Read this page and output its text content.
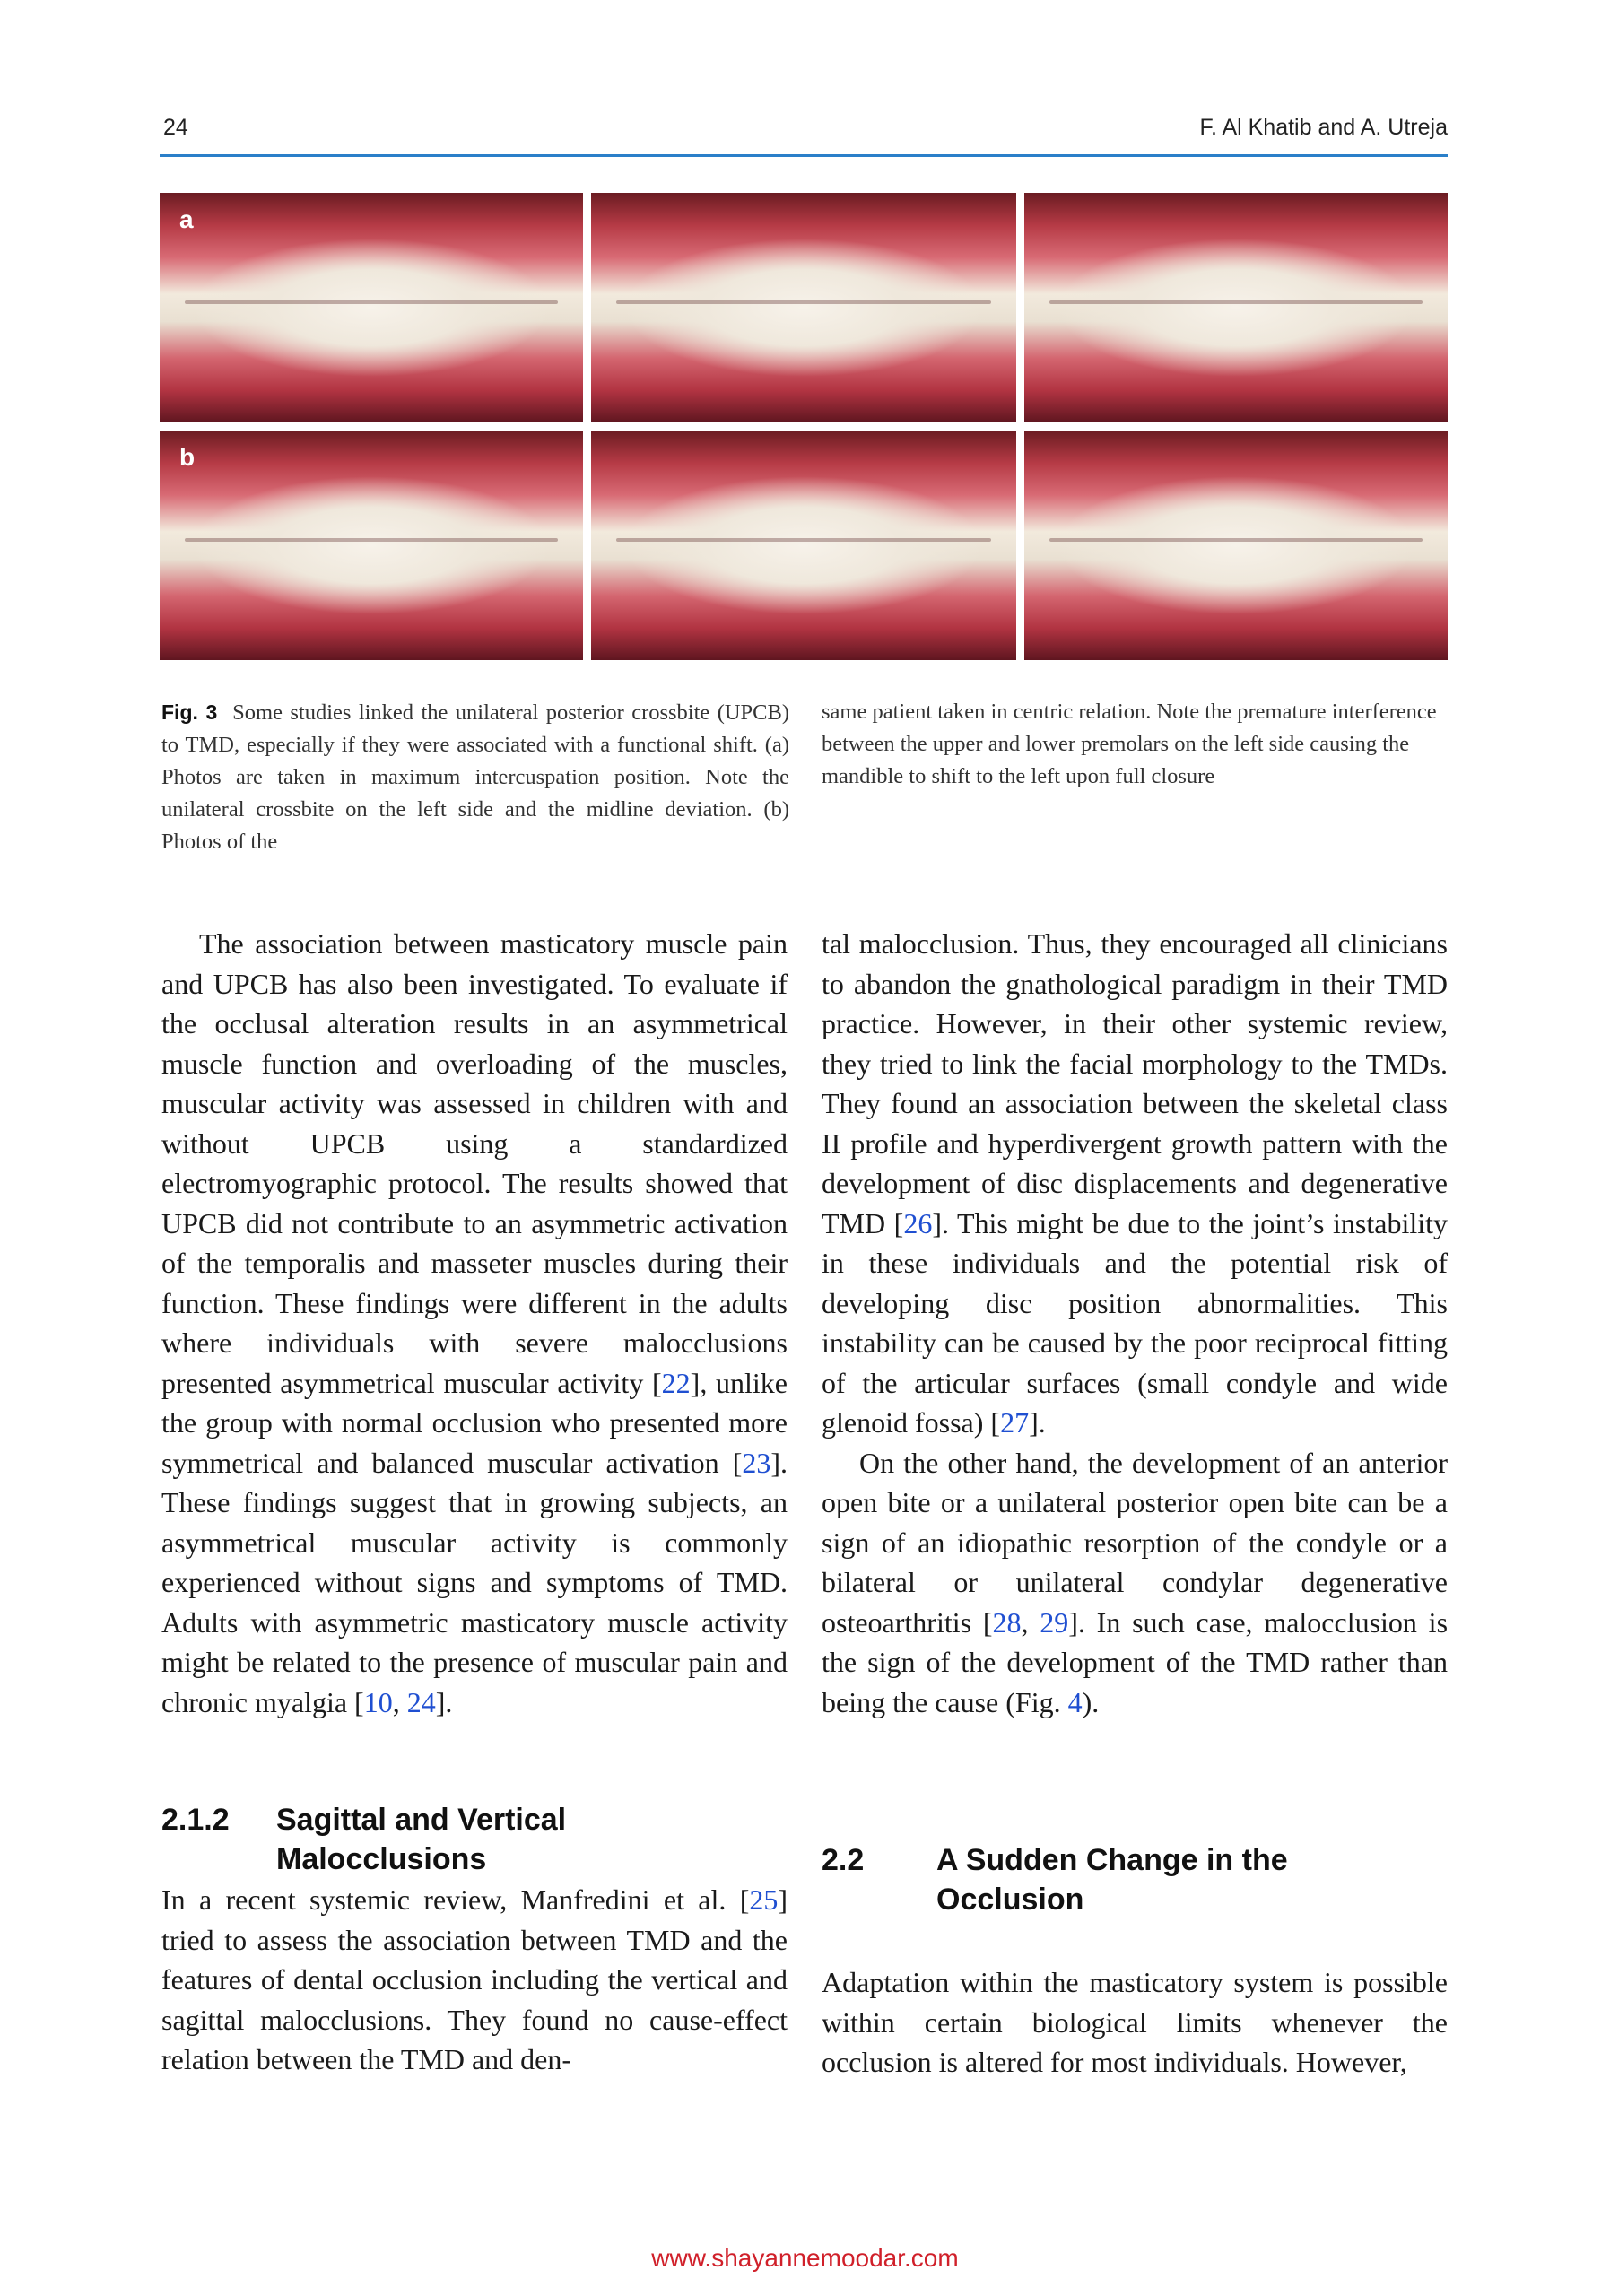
24	F. Al Khatib and A. Utreja
a
b
Fig. 3 Some studies linked the unilateral posterior crossbite (UPCB) to TMD, especially if they were associated with a functional shift. (a) Photos are taken in maximum intercuspation position. Note the unilateral crossbite on the left side and the midline deviation. (b) Photos of the
same patient taken in centric relation. Note the premature interference between the upper and lower premolars on the left side causing the mandible to shift to the left upon full closure

The association between masticatory muscle pain and UPCB has also been investigated. To evaluate if the occlusal alteration results in an asymmetrical muscle function and overloading of the muscles, muscular activity was assessed in children with and without UPCB using a standardized electromyographic protocol. The results showed that UPCB did not contribute to an asymmetric activation of the temporalis and masseter muscles during their function. These findings were different in the adults where individuals with severe malocclusions presented asymmetrical muscular activity [22], unlike the group with normal occlusion who presented more symmetrical and balanced muscular activation [23]. These findings suggest that in growing subjects, an asymmetrical muscular activity is commonly experienced without signs and symptoms of TMD. Adults with asymmetric masticatory muscle activity might be related to the presence of muscular pain and chronic myalgia [10, 24].

2.1.2 Sagittal and Vertical Malocclusions

In a recent systemic review, Manfredini et al. [25] tried to assess the association between TMD and the features of dental occlusion including the vertical and sagittal malocclusions. They found no cause-effect relation between the TMD and den-

tal malocclusion. Thus, they encouraged all clinicians to abandon the gnathological paradigm in their TMD practice. However, in their other systemic review, they tried to link the facial morphology to the TMDs. They found an association between the skeletal class II profile and hyperdivergent growth pattern with the development of disc displacements and degenerative TMD [26]. This might be due to the joint’s instability in these individuals and the potential risk of developing disc position abnormalities. This instability can be caused by the poor reciprocal fitting of the articular surfaces (small condyle and wide glenoid fossa) [27].

On the other hand, the development of an anterior open bite or a unilateral posterior open bite can be a sign of an idiopathic resorption of the condyle or a bilateral or unilateral condylar degenerative osteoarthritis [28, 29]. In such case, malocclusion is the sign of the development of the TMD rather than being the cause (Fig. 4).

2.2 A Sudden Change in the Occlusion

Adaptation within the masticatory system is possible within certain biological limits whenever the occlusion is altered for most individuals. However,

www.shayannemoodar.com
